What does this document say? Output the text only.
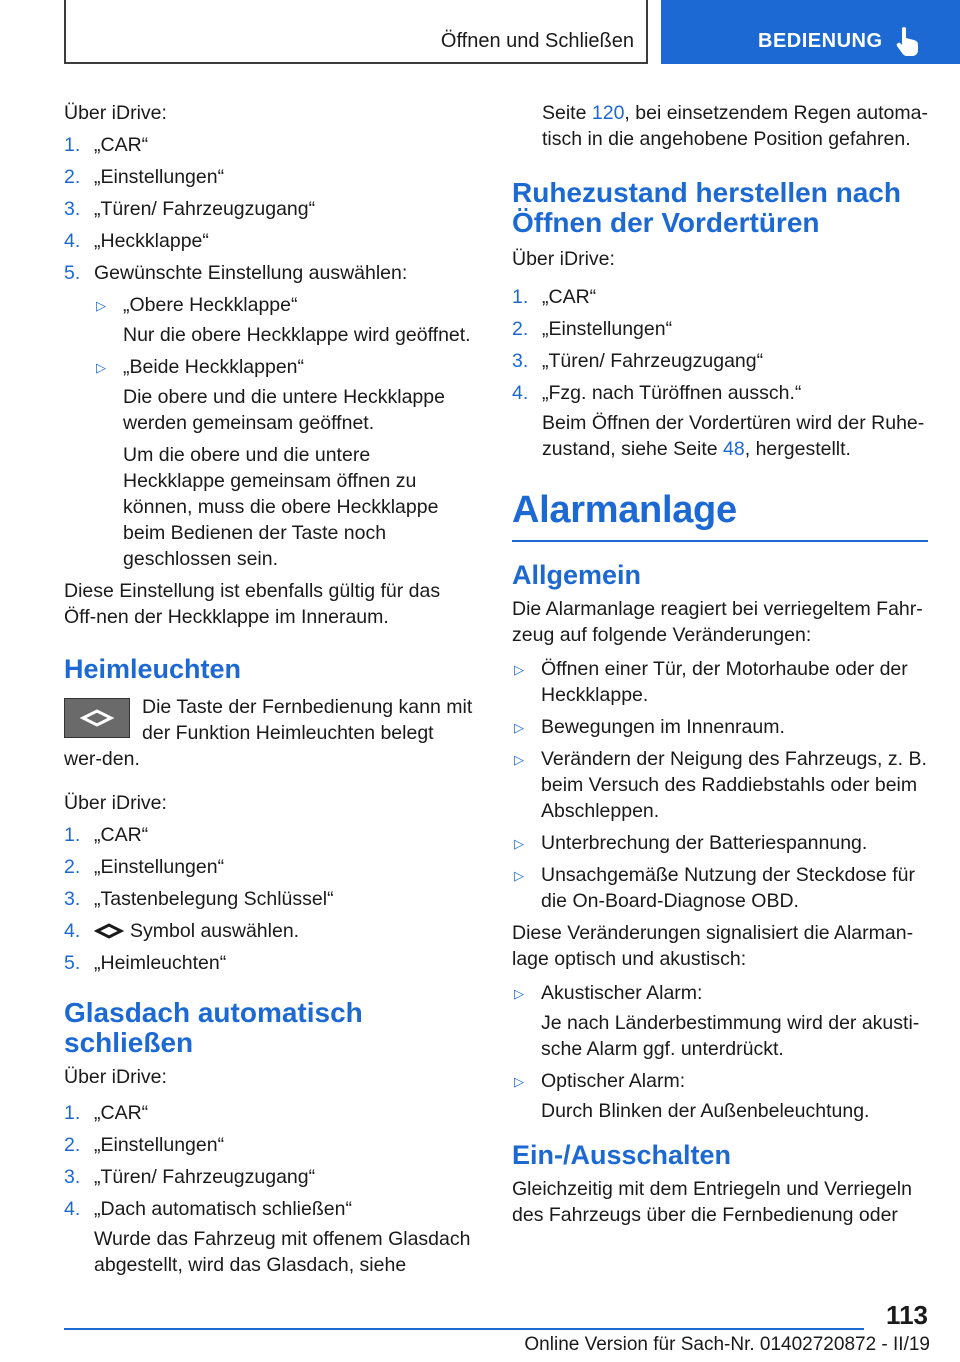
Öffnen und Schließen	BEDIENUNG

Über iDrive:

1. „CAR“
2. „Einstellungen“
3. „Türen/ Fahrzeugzugang“
4. „Heckklappe“
5. Gewünschte Einstellung auswählen:
▷ „Obere Heckklappe“

Nur die obere Heckklappe wird geöffnet.

▷ „Beide Heckklappen“

Die obere und die untere Heckklappe werden gemeinsam geöffnet.

Um die obere und die untere Heckklappe gemeinsam öffnen zu können, muss die obere Heckklappe beim Bedienen der Taste noch geschlossen sein.

Diese Einstellung ist ebenfalls gültig für das Öff-nen der Heckklappe im Inneraum.

Heimleuchten

Die Taste der Fernbedienung kann mit der Funktion Heimleuchten belegt wer-den.

Über iDrive:

1. „CAR“
2. „Einstellungen“
3. „Tastenbelegung Schlüssel“
4.	Symbol auswählen.
5. „Heimleuchten“
Glasdach automatisch schließen

Über iDrive:

1. „CAR“
2. „Einstellungen“
3. „Türen/ Fahrzeugzugang“
4. „Dach automatisch schließen“

Wurde das Fahrzeug mit offenem Glasdach abgestellt, wird das Glasdach, siehe

Seite 120, bei einsetzendem Regen automa-tisch in die angehobene Position gefahren.

Ruhezustand herstellen nach Öffnen der Vordertüren

Über iDrive:

1. „CAR“
2. „Einstellungen“
3. „Türen/ Fahrzeugzugang“
4. „Fzg. nach Türöffnen aussch.“

Beim Öffnen der Vordertüren wird der Ruhe-zustand, siehe Seite 48, hergestellt.

Alarmanlage
Allgemein

Die Alarmanlage reagiert bei verriegeltem Fahr-zeug auf folgende Veränderungen:

▷ Öffnen einer Tür, der Motorhaube oder der Heckklappe.
▷ Bewegungen im Innenraum.
▷ Verändern der Neigung des Fahrzeugs, z. B. beim Versuch des Raddiebstahls oder beim Abschleppen.
▷ Unterbrechung der Batteriespannung.
▷ Unsachgemäße Nutzung der Steckdose für die On-Board-Diagnose OBD.

Diese Veränderungen signalisiert die Alarman-lage optisch und akustisch:

▷ Akustischer Alarm:

Je nach Länderbestimmung wird der akusti-sche Alarm ggf. unterdrückt.

▷ Optischer Alarm:

Durch Blinken der Außenbeleuchtung.

Ein-/Ausschalten

Gleichzeitig mit dem Entriegeln und Verriegeln des Fahrzeugs über die Fernbedienung oder

113
Online Version für Sach-Nr. 01402720872 - II/19
